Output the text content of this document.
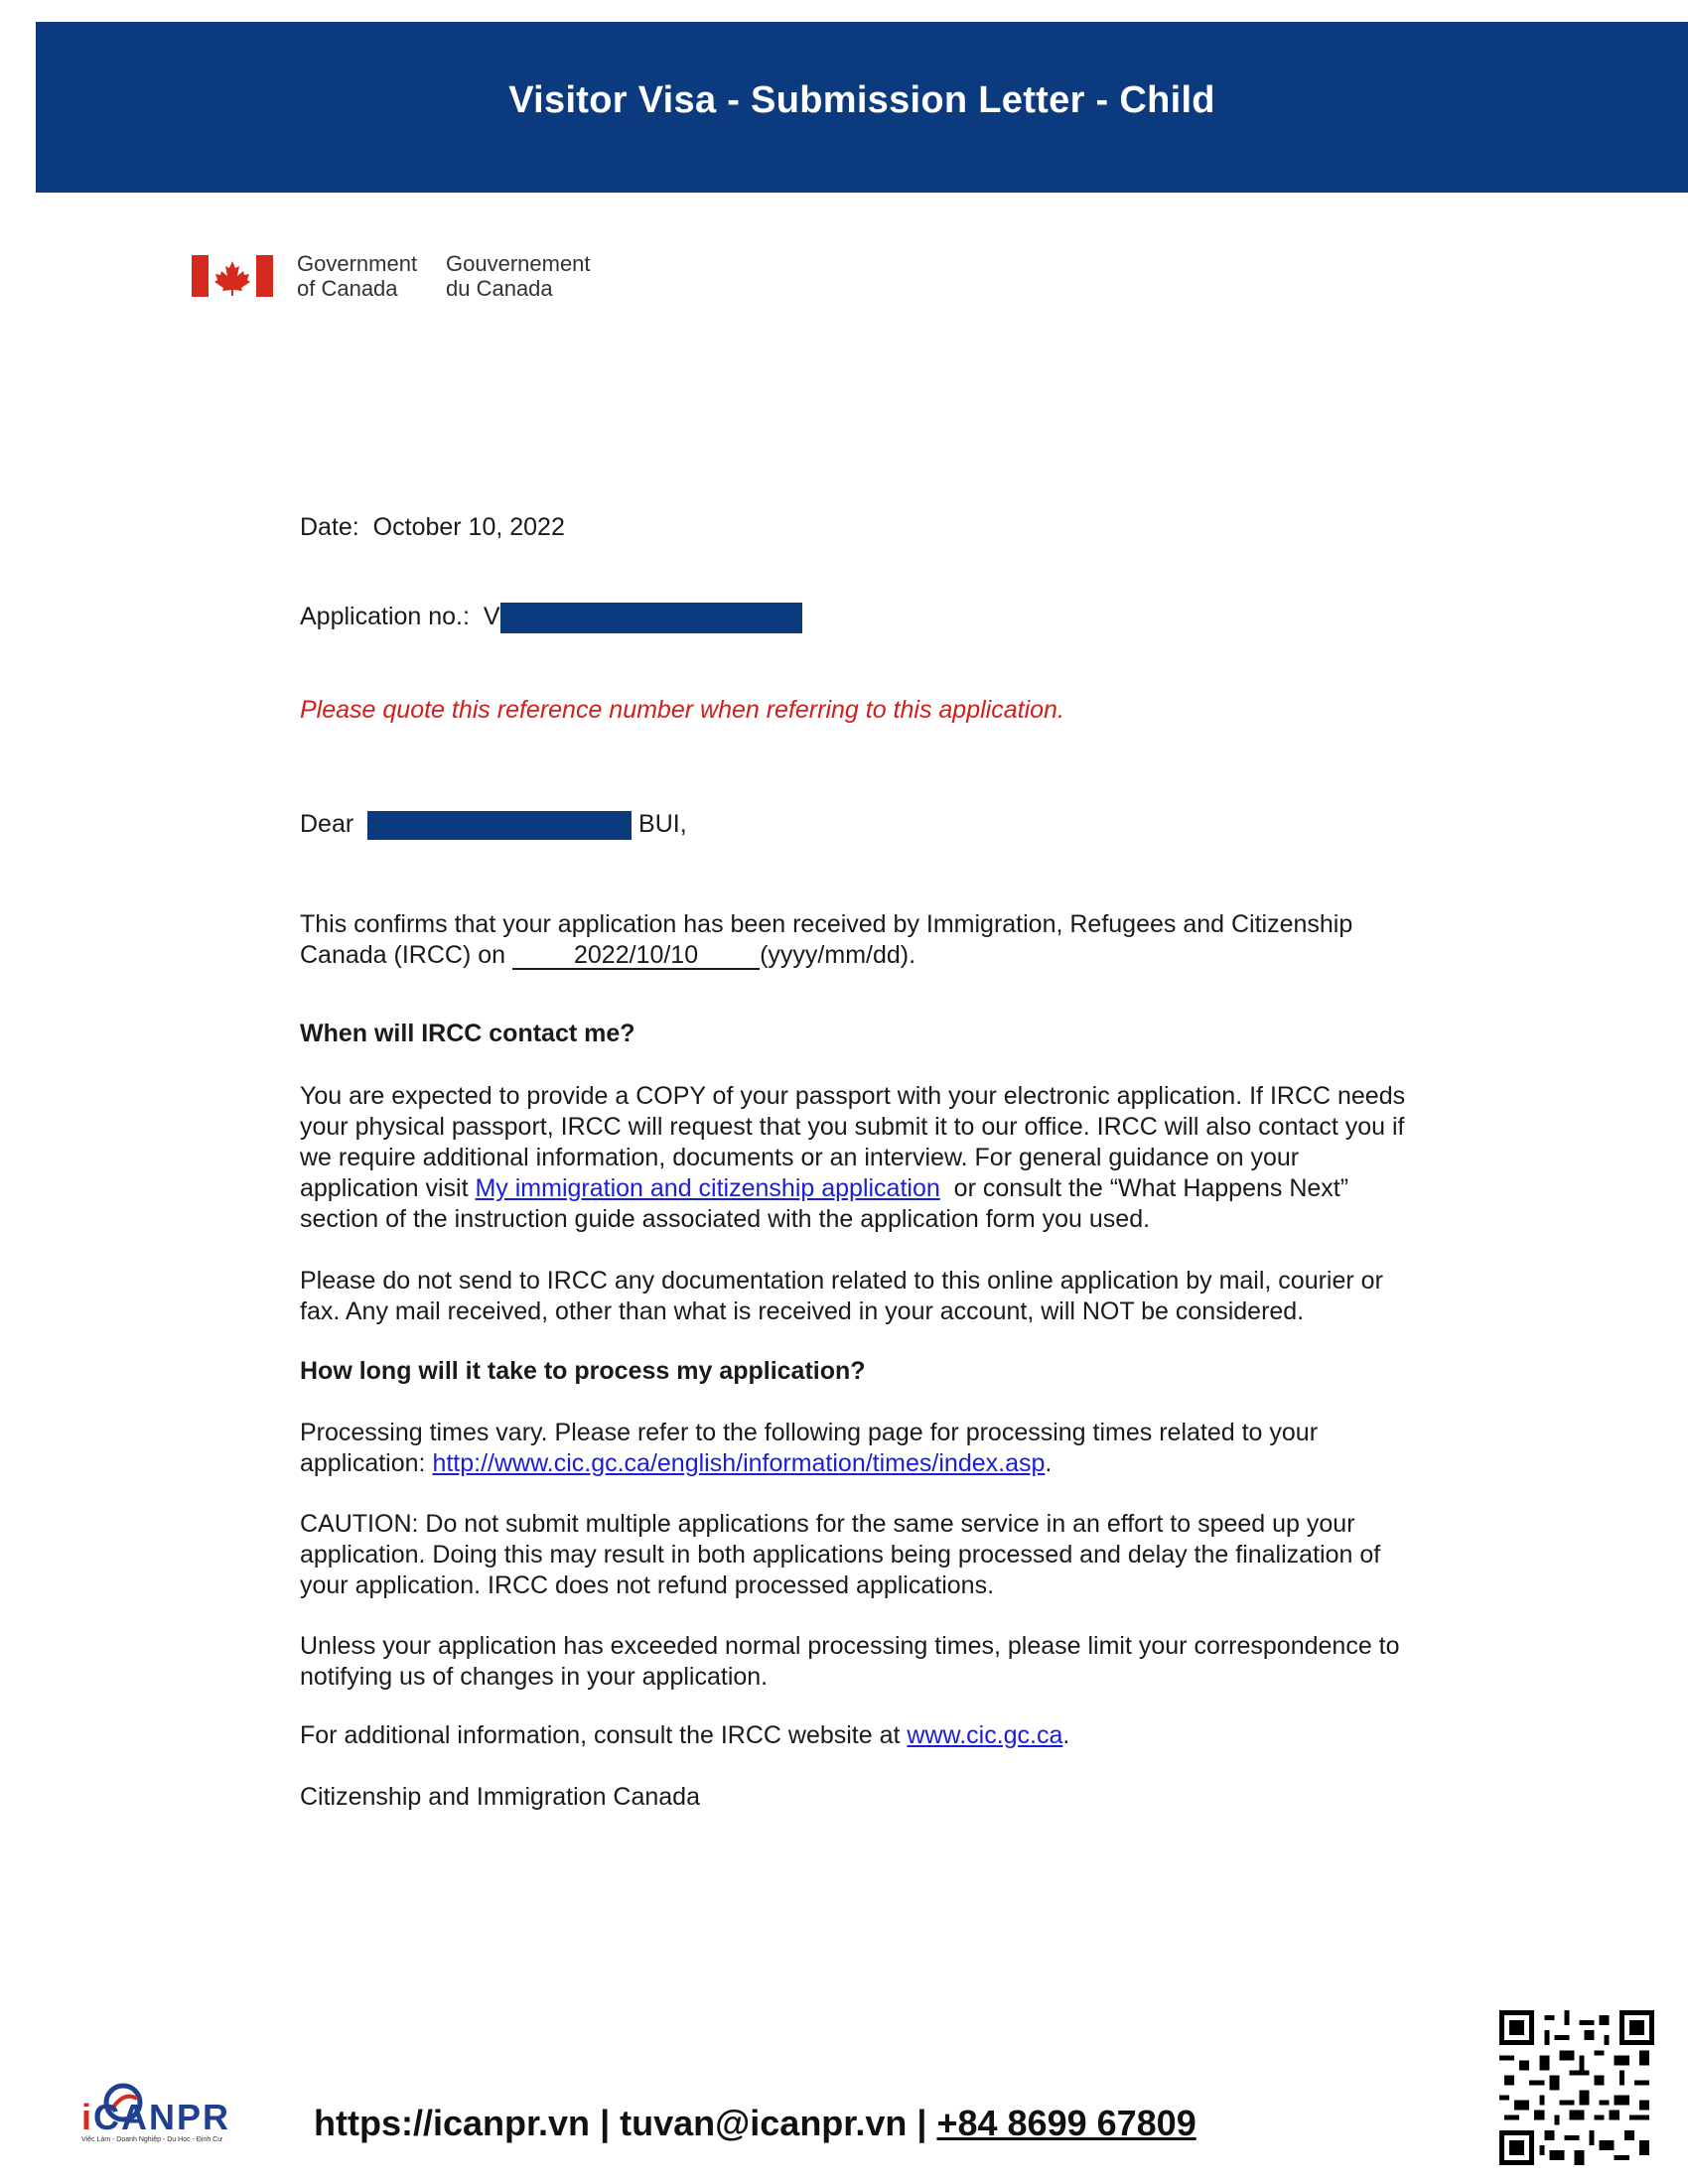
Visitor Visa - Submission Letter - Child
Government
of Canada
Gouvernement
du Canada
Date: October 10, 2022
Application no.: V
Please quote this reference number when referring to this application.
Dear	BUI,
This confirms that your application has been received by Immigration, Refugees and Citizenship Canada (IRCC) on	2022/10/10 (yyyy/mm/dd).
When will IRCC contact me?
You are expected to provide a COPY of your passport with your electronic application. If IRCC needs your physical passport, IRCC will request that you submit it to our office. IRCC will also contact you if we require additional information, documents or an interview. For general guidance on your application visit My immigration and citizenship application or consult the “What Happens Next” section of the instruction guide associated with the application form you used.
Please do not send to IRCC any documentation related to this online application by mail, courier or fax. Any mail received, other than what is received in your account, will NOT be considered.
How long will it take to process my application?
Processing times vary. Please refer to the following page for processing times related to your application: http://www.cic.gc.ca/english/information/times/index.asp.
CAUTION: Do not submit multiple applications for the same service in an effort to speed up your application. Doing this may result in both applications being processed and delay the finalization of your application. IRCC does not refund processed applications.
Unless your application has exceeded normal processing times, please limit your correspondence to notifying us of changes in your application.
For additional information, consult the IRCC website at www.cic.gc.ca.
Citizenship and Immigration Canada
iCANPR
Việc Làm - Doanh Nghiệp - Du Học - Định Cư	https://icanpr.vn | tuvan@icanpr.vn | +84 8699 67809
